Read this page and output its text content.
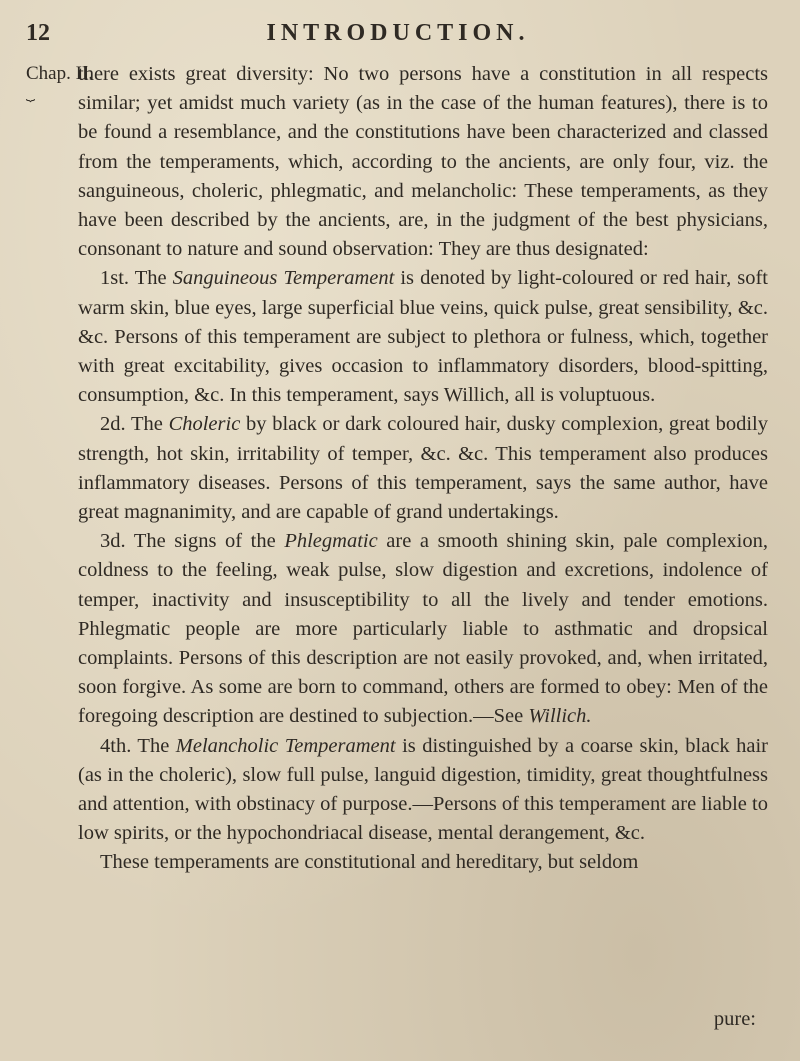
12	INTRODUCTION.
Chap. II.
⏟

there exists great diversity: No two persons have a constitution in all respects similar; yet amidst much variety (as in the case of the human features), there is to be found a resemblance, and the constitutions have been characterized and classed from the temperaments, which, according to the ancients, are only four, viz. the sanguineous, choleric, phlegmatic, and melancholic: These temperaments, as they have been described by the ancients, are, in the judgment of the best physicians, consonant to nature and sound observation: They are thus designated:

1st. The Sanguineous Temperament is denoted by light-coloured or red hair, soft warm skin, blue eyes, large superficial blue veins, quick pulse, great sensibility, &c. &c. Persons of this temperament are subject to plethora or fulness, which, together with great excitability, gives occasion to inflammatory disorders, blood-spitting, consumption, &c. In this temperament, says Willich, all is voluptuous.

2d. The Choleric by black or dark coloured hair, dusky complexion, great bodily strength, hot skin, irritability of temper, &c. &c. This temperament also produces inflammatory diseases. Persons of this temperament, says the same author, have great magnanimity, and are capable of grand undertakings.

3d. The signs of the Phlegmatic are a smooth shining skin, pale complexion, coldness to the feeling, weak pulse, slow digestion and excretions, indolence of temper, inactivity and insusceptibility to all the lively and tender emotions. Phlegmatic people are more particularly liable to asthmatic and dropsical complaints. Persons of this description are not easily provoked, and, when irritated, soon forgive. As some are born to command, others are formed to obey: Men of the foregoing description are destined to subjection.—See Willich.

4th. The Melancholic Temperament is distinguished by a coarse skin, black hair (as in the choleric), slow full pulse, languid digestion, timidity, great thoughtfulness and attention, with obstinacy of purpose.—Persons of this temperament are liable to low spirits, or the hypochondriacal disease, mental derangement, &c.

These temperaments are constitutional and hereditary, but seldom

pure:
